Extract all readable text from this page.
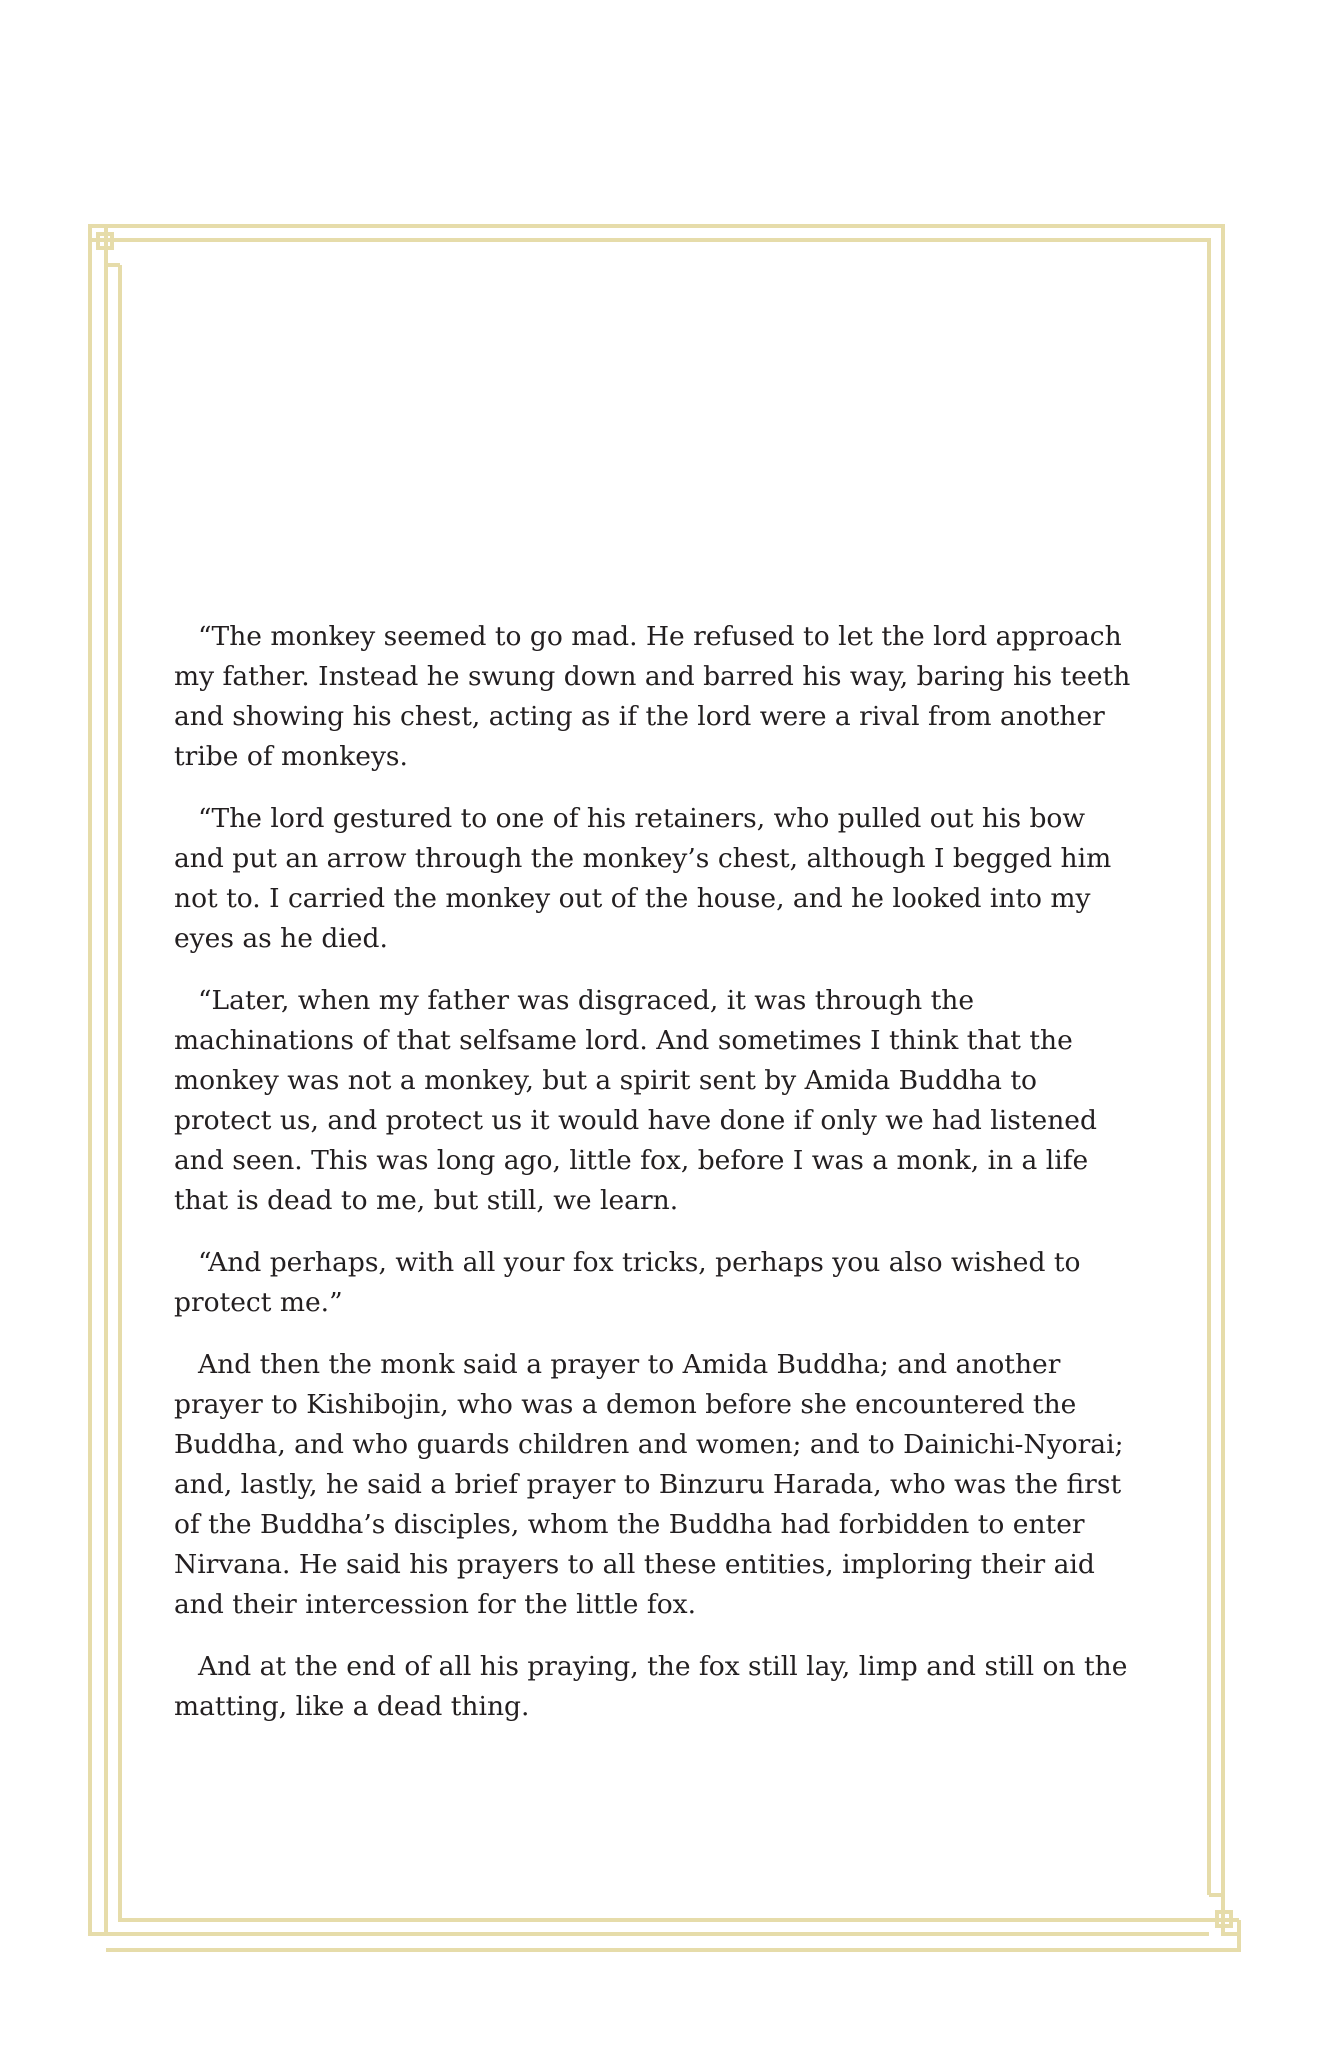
“The monkey seemed to go mad. He refused to let the lord approach my father. Instead he swung down and barred his way, baring his teeth and showing his chest, acting as if the lord were a rival from another tribe of monkeys.

“The lord gestured to one of his retainers, who pulled out his bow and put an arrow through the monkey’s chest, although I begged him not to. I carried the monkey out of the house, and he looked into my eyes as he died.

“Later, when my father was disgraced, it was through the machinations of that selfsame lord. And sometimes I think that the monkey was not a monkey, but a spirit sent by Amida Buddha to protect us, and protect us it would have done if only we had listened and seen. This was long ago, little fox, before I was a monk, in a life that is dead to me, but still, we learn.

“And perhaps, with all your fox tricks, perhaps you also wished to protect me.”

And then the monk said a prayer to Amida Buddha; and another prayer to Kishibojin, who was a demon before she encountered the Buddha, and who guards children and women; and to Dainichi-Nyorai; and, lastly, he said a brief prayer to Binzuru Harada, who was the first of the Buddha’s disciples, whom the Buddha had forbidden to enter Nirvana. He said his prayers to all these entities, imploring their aid and their intercession for the little fox.

And at the end of all his praying, the fox still lay, limp and still on the matting, like a dead thing.
